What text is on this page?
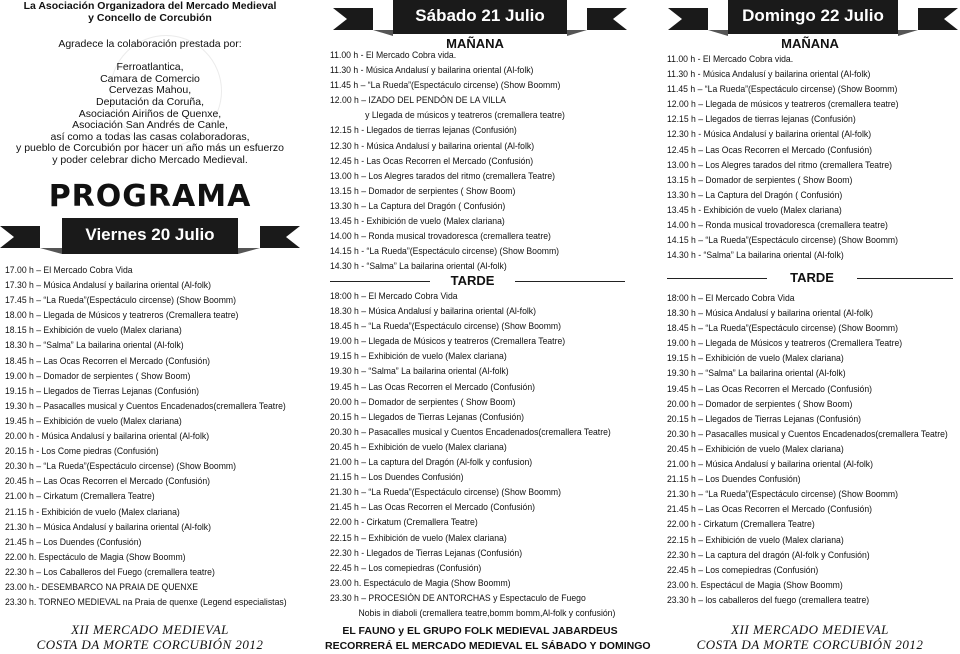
La Asociación Organizadora del Mercado Medieval
y Concello de Corcubión
Agradece la colaboración prestada por:
Ferroatlantica,
Camara de Comercio
Cervezas Mahou,
Deputación da Coruña,
Asociación Airiños de Quenxe,
Asociación San Andrés de Canle,
así como a todas las casas colaboradoras,
y pueblo de Corcubión por hacer un año más un esfuerzo
y poder celebrar dicho Mercado Medieval.
PROGRAMA
Viernes 20 Julio
17.00 h – El Mercado Cobra Vida
17.30 h – Música Andalusí y bailarina oriental (Al-folk)
17.45 h – “La Rueda”(Espectáculo circense) (Show Boomm)
18.00 h – Llegada de Músicos y teatreros (Cremallera teatre)
18.15 h – Exhibición de vuelo (Malex clariana)
18.30 h – “Salma” La bailarina oriental (Al-folk)
18.45 h – Las Ocas Recorren el Mercado (Confusión)
19.00 h – Domador de serpientes ( Show Boom)
19.15 h – Llegados de Tierras Lejanas (Confusión)
19.30 h – Pasacalles musical y Cuentos Encadenados(cremallera Teatre)
19.45 h – Exhibición de vuelo (Malex clariana)
20.00 h - Música Andalusí y bailarina oriental (Al-folk)
20.15 h - Los Come piedras (Confusión)
20.30 h – “La Rueda”(Espectáculo circense) (Show Boomm)
20.45 h – Las Ocas Recorren el Mercado (Confusión)
21.00 h – Cirkatum (Cremallera Teatre)
21.15 h - Exhibición de vuelo (Malex clariana)
21.30 h – Música Andalusí y bailarina oriental (Al-folk)
21.45 h – Los Duendes (Confusión)
22.00 h. Espectáculo de Magia (Show Boomm)
22.30 h – Los Caballeros del Fuego (cremallera teatre)
23.00 h.- DESEMBARCO NA PRAIA DE QUENXE
23.30 h. TORNEO MEDIEVAL na Praia de quenxe (Legend especialistas)
XII MERCADO MEDIEVAL
COSTA DA MORTE CORCUBIÓN 2012
Sábado 21 Julio
MAÑANA
11.00 h - El Mercado Cobra vida.
11.30 h - Música Andalusí y bailarina oriental (Al-folk)
11.45 h – “La Rueda”(Espectáculo circense) (Show Boomm)
12.00 h – IZADO DEL PENDÓN DE LA VILLA
y Llegada de músicos y teatreros (cremallera teatre)
12.15 h - Llegados de tierras lejanas (Confusión)
12.30 h - Música Andalusí y bailarina oriental (Al-folk)
12.45 h - Las Ocas Recorren el Mercado (Confusión)
13.00 h – Los Alegres tarados del ritmo (cremallera Teatre)
13.15 h – Domador de serpientes ( Show Boom)
13.30 h – La Captura del Dragón ( Confusión)
13.45 h - Exhibición de vuelo (Malex clariana)
14.00 h – Ronda musical trovadoresca (cremallera teatre)
14.15 h - “La Rueda”(Espectáculo circense) (Show Boomm)
14.30 h - “Salma” La bailarina oriental (Al-folk)
TARDE
18:00 h – El Mercado Cobra Vida
18.30 h – Música Andalusí y bailarina oriental (Al-folk)
18.45 h – “La Rueda”(Espectáculo circense) (Show Boomm)
19.00 h – Llegada de Músicos y teatreros (Cremallera Teatre)
19.15 h – Exhibición de vuelo (Malex clariana)
19.30 h – “Salma” La bailarina oriental (Al-folk)
19.45 h – Las Ocas Recorren el Mercado (Confusión)
20.00 h – Domador de serpientes ( Show Boom)
20.15 h – Llegados de Tierras Lejanas (Confusión)
20.30 h – Pasacalles musical y Cuentos Encadenados(cremallera Teatre)
20.45 h – Exhibición de vuelo (Malex clariana)
21.00 h – La captura del Dragón (Al-folk y confusion)
21.15 h – Los Duendes Confusión)
21.30 h – “La Rueda”(Espectáculo circense) (Show Boomm)
21.45 h – Las Ocas Recorren el Mercado (Confusión)
22.00 h - Cirkatum (Cremallera Teatre)
22.15 h – Exhibición de vuelo (Malex clariana)
22.30 h - Llegados de Tierras Lejanas (Confusión)
22.45 h – Los comepiedras (Confusión)
23.00 h. Espectáculo de Magia (Show Boomm)
23.30 h – PROCESIÓN DE ANTORCHAS y Espectaculo de Fuego
Nobis in diaboli (cremallera teatre,bomm bomm,Al-folk y confusión)
EL FAUNO y EL GRUPO FOLK MEDIEVAL JABARDEUS
RECORRERÁ EL MERCADO MEDIEVAL EL SÁBADO Y DOMINGO
Domingo 22 Julio
MAÑANA
11.00 h - El Mercado Cobra vida.
11.30 h - Música Andalusí y bailarina oriental (Al-folk)
11.45 h – “La Rueda”(Espectáculo circense) (Show Boomm)
12.00 h – Llegada de músicos y teatreros (cremallera teatre)
12.15 h – Llegados de tierras lejanas (Confusión)
12.30 h - Música Andalusí y bailarina oriental (Al-folk)
12.45 h – Las Ocas Recorren el Mercado (Confusión)
13.00 h – Los Alegres tarados del ritmo (cremallera Teatre)
13.15 h – Domador de serpientes ( Show Boom)
13.30 h – La Captura del Dragón ( Confusión)
13.45 h - Exhibición de vuelo (Malex clariana)
14.00 h – Ronda musical trovadoresca (cremallera teatre)
14.15 h – “La Rueda”(Espectáculo circense) (Show Boomm)
14.30 h - “Salma” La bailarina oriental (Al-folk)
TARDE
18:00 h – El Mercado Cobra Vida
18.30 h – Música Andalusí y bailarina oriental (Al-folk)
18.45 h – “La Rueda”(Espectáculo circense) (Show Boomm)
19.00 h – Llegada de Músicos y teatreros (Cremallera Teatre)
19.15 h – Exhibición de vuelo (Malex clariana)
19.30 h – “Salma” La bailarina oriental (Al-folk)
19.45 h – Las Ocas Recorren el Mercado (Confusión)
20.00 h – Domador de serpientes ( Show Boom)
20.15 h – Llegados de Tierras Lejanas (Confusión)
20.30 h – Pasacalles musical y Cuentos Encadenados(cremallera Teatre)
20.45 h – Exhibición de vuelo (Malex clariana)
21.00 h – Música Andalusí y bailarina oriental (Al-folk)
21.15 h – Los Duendes Confusión)
21.30 h – “La Rueda”(Espectáculo circense) (Show Boomm)
21.45 h – Las Ocas Recorren el Mercado (Confusión)
22.00 h - Cirkatum (Cremallera Teatre)
22.15 h – Exhibición de vuelo (Malex clariana)
22.30 h – La captura del dragón (Al-folk y Confusión)
22.45 h – Los comepiedras (Confusión)
23.00 h. Espectácul de Magia (Show Boomm)
23.30 h – los caballeros del fuego (cremallera teatre)
XII MERCADO MEDIEVAL
COSTA DA MORTE CORCUBIÓN 2012
